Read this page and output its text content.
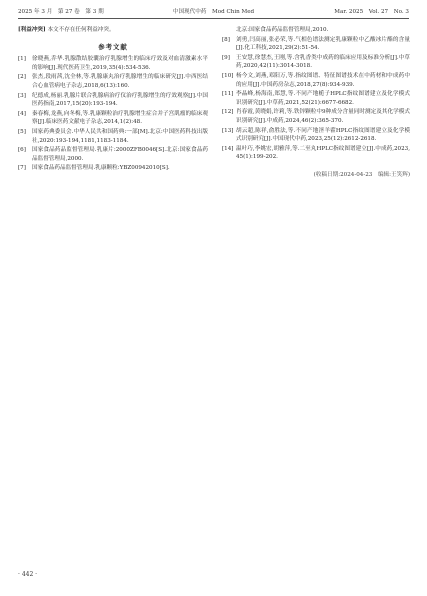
2025 年 3 月　第 27 卷　第 3 期	中国现代中药　Mod Chin Med	Mar. 2025　Vol. 27　No. 3
[利益冲突] 本文不存在任何利益冲突。
参考文献
[1]	徐晓燕,乔华.乳腺散结胶囊治疗乳腺增生的临床疗效及对血清激素水平的影响[J].现代医药卫生,2019,35(4):534-536.
[2]	张杰,段雨茜,沈全林,等.乳腺康丸治疗乳腺增生的临床研究[J].中西医结合心血管病电子杂志,2018,6(13):160.
[3]	纪德成,杨丽.乳腺片联合乳腺病治疗仪治疗乳腺增生的疗效观察[J].中国医药指南,2017,15(20):193-194.
[4]	秦春梅,龙燕,向冬梅,等.乳康颗粒治疗乳腺增生症合并子宫肌瘤的临床观察[J].临床医药文献电子杂志,2014,1(2):48.
[5]	国家药典委员会.中华人民共和国药典:一部[M].北京:中国医药科技出版社,2020:193-194,1181,1183-1184.
[6]	国家食品药品监督管理局.乳康片:2000ZFB0046[S].北京:国家食品药品监督管理局,2000.
[7]	国家食品药品监督管理局.乳康颗粒:YBZ00942010[S].
北京:国家食品药品监督管理局,2010.
[8]	刘勇,闫高丽,张必荣,等.气相色谱法测定乳康颗粒中乙酸冰片酯的含量[J].化工科技,2021,29(2):51-54.
[9]	王安慧,徐慧杰,王刚,等.含乳香类中成药的临床应用及标准分析[J].中草药,2020,42(11):3014-3018.
[10] 杨今文,刘燕,邓阳万,等.指纹图谱、特征图谱技术在中药材和中成药中的应用[J].中国药房杂志,2018,27(8):934-939.
[11] 李晶峰,杨海南,郑慧,等.不同产地栀子HPLC指纹图谱建立及化学模式识别研究[J].中草药,2021,52(21):6677-6682.
[12] 肖春霞,黄晓娟,许莉,等.铁锌颗粒中9种成分含量同时测定及其化学模式识别研究[J].中成药,2024,46(2):365-370.
[13] 胡云超,陈祥,俞胜法,等.不同产地淫羊藿HPLC指纹图谱建立及化学模式识别研究[J].中国现代中药,2023,25(12):2612-2618.
[14] 温叶巧,李姚宏,胡雅萍,等.二至丸HPLC指纹图谱建立[J].中成药,2023,45(1):199-202.
(收稿日期:2024-04-23　编辑:王笑辉)
· 442 ·
